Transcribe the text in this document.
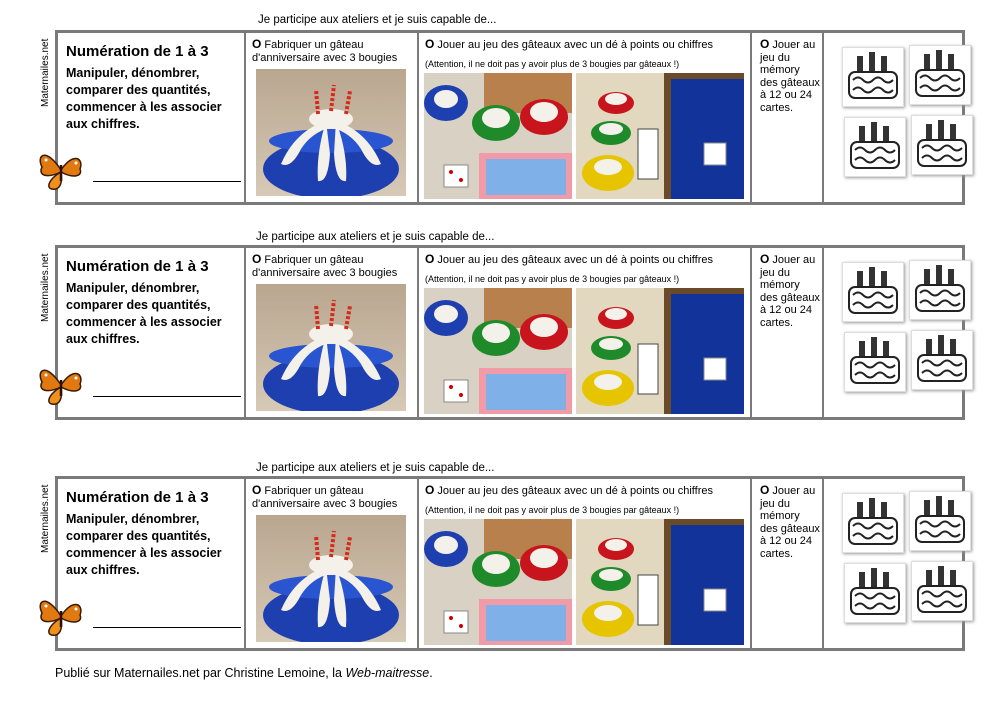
Je participe aux ateliers et je suis capable de...
Maternailes.net Numération de 1 à 3
Manipuler, dénombrer, comparer des quantités, commencer à les associer aux chiffres.
O Fabriquer un gâteau d'anniversaire avec 3 bougies
O Jouer au jeu des gâteaux avec un dé à points ou chiffres
(Attention, il ne doit pas y avoir plus de 3 bougies par gâteaux !)
O Jouer au jeu du mémory des gâteaux à 12 ou 24 cartes.
Je participe aux ateliers et je suis capable de...
Maternailes.net Numération de 1 à 3
Manipuler, dénombrer, comparer des quantités, commencer à les associer aux chiffres.
O Fabriquer un gâteau d'anniversaire avec 3 bougies
O Jouer au jeu des gâteaux avec un dé à points ou chiffres
(Attention, il ne doit pas y avoir plus de 3 bougies par gâteaux !)
O Jouer au jeu du mémory des gâteaux à 12 ou 24 cartes.
Je participe aux ateliers et je suis capable de...
Maternailes.net Numération de 1 à 3
Manipuler, dénombrer, comparer des quantités, commencer à les associer aux chiffres.
O Fabriquer un gâteau d'anniversaire avec 3 bougies
O Jouer au jeu des gâteaux avec un dé à points ou chiffres
(Attention, il ne doit pas y avoir plus de 3 bougies par gâteaux !)
O Jouer au jeu du mémory des gâteaux à 12 ou 24 cartes.
Publié sur Maternailes.net par Christine Lemoine, la Web-maitresse.
